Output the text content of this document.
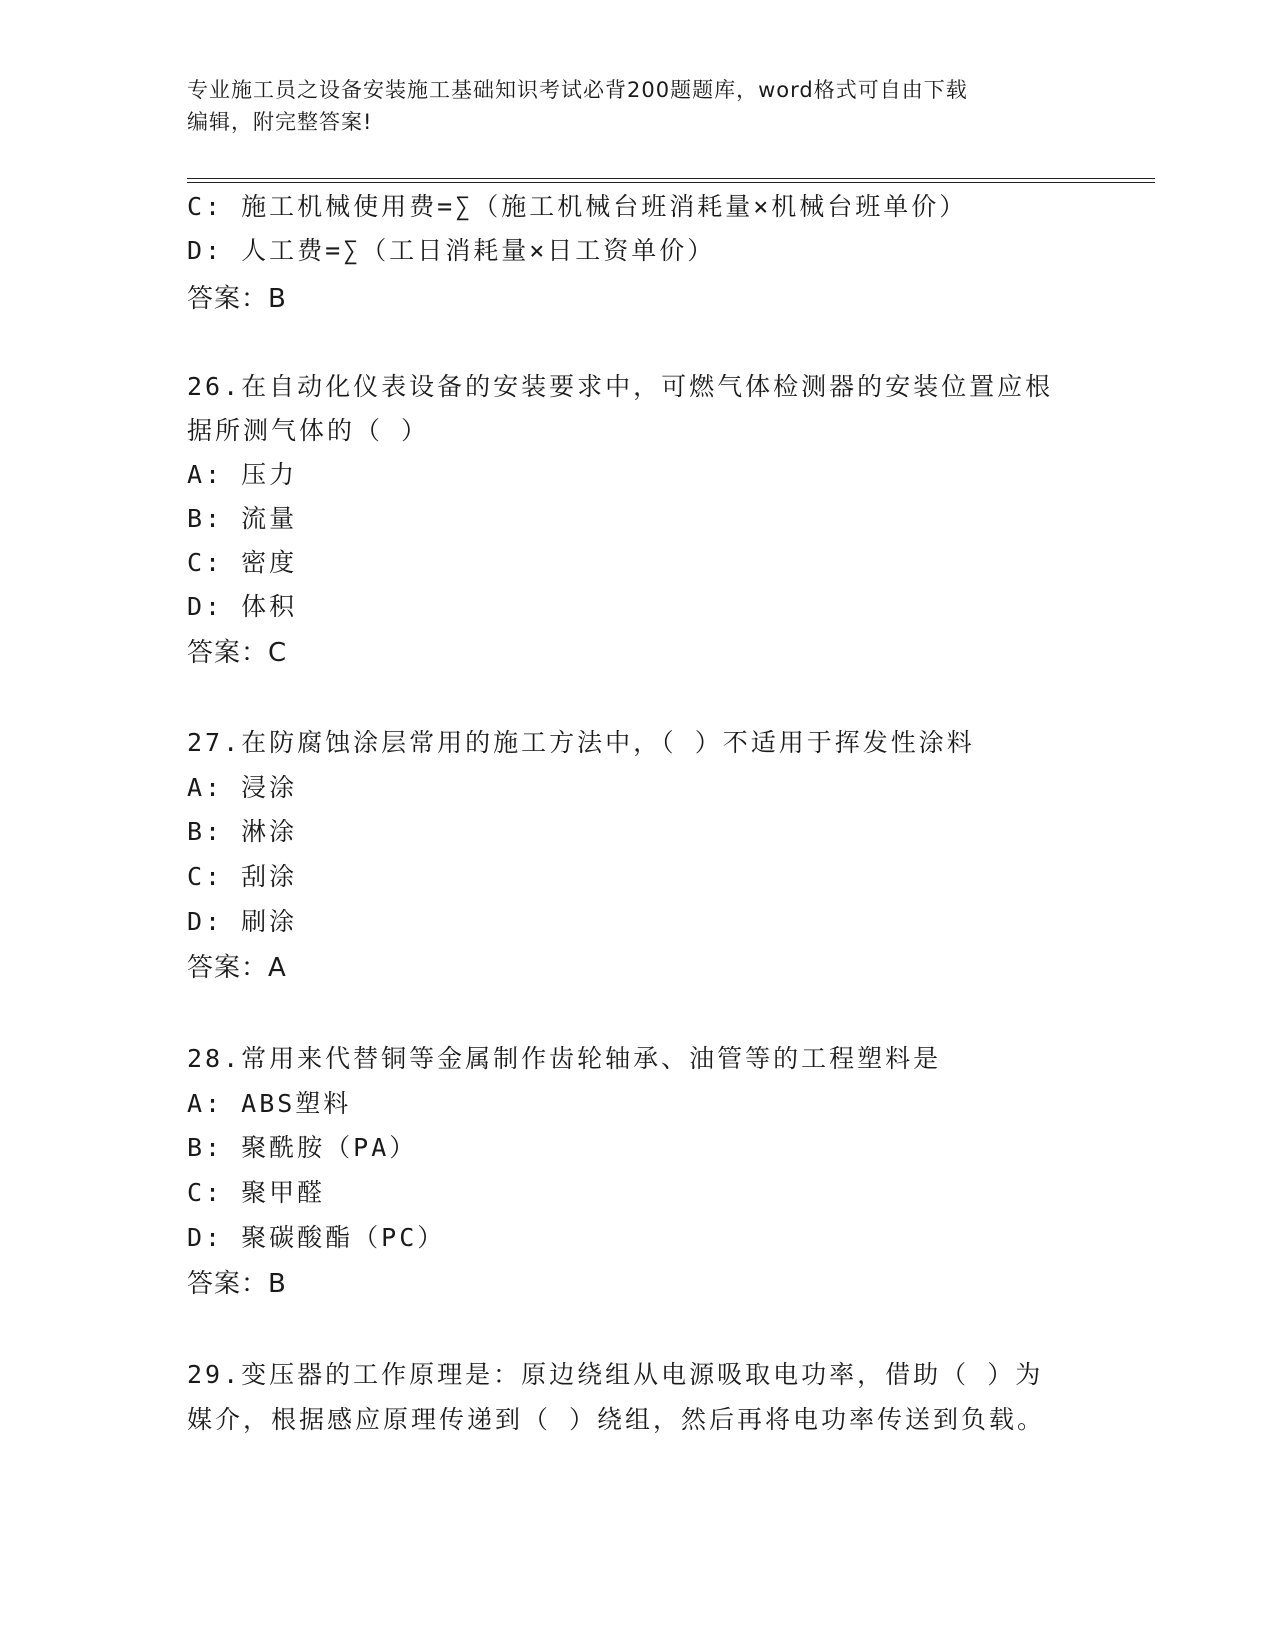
专业施工员之设备安装施工基础知识考试必背200题题库，word格式可自由下载
编辑，附完整答案!
C: 施工机械使用费=∑（施工机械台班消耗量×机械台班单价）
D: 人工费=∑（工日消耗量×日工资单价）
答案：B
26.在自动化仪表设备的安装要求中，可燃气体检测器的安装位置应根
据所测气体的（ ）
A: 压力
B: 流量
C: 密度
D: 体积
答案：C
27.在防腐蚀涂层常用的施工方法中，（ ）不适用于挥发性涂料
A: 浸涂
B: 淋涂
C: 刮涂
D: 刷涂
答案：A
28.常用来代替铜等金属制作齿轮轴承、油管等的工程塑料是
A: ABS塑料
B: 聚酰胺（PA）
C: 聚甲醛
D: 聚碳酸酯（PC）
答案：B
29.变压器的工作原理是：原边绕组从电源吸取电功率，借助（ ）为
媒介，根据感应原理传递到（ ）绕组，然后再将电功率传送到负载。
